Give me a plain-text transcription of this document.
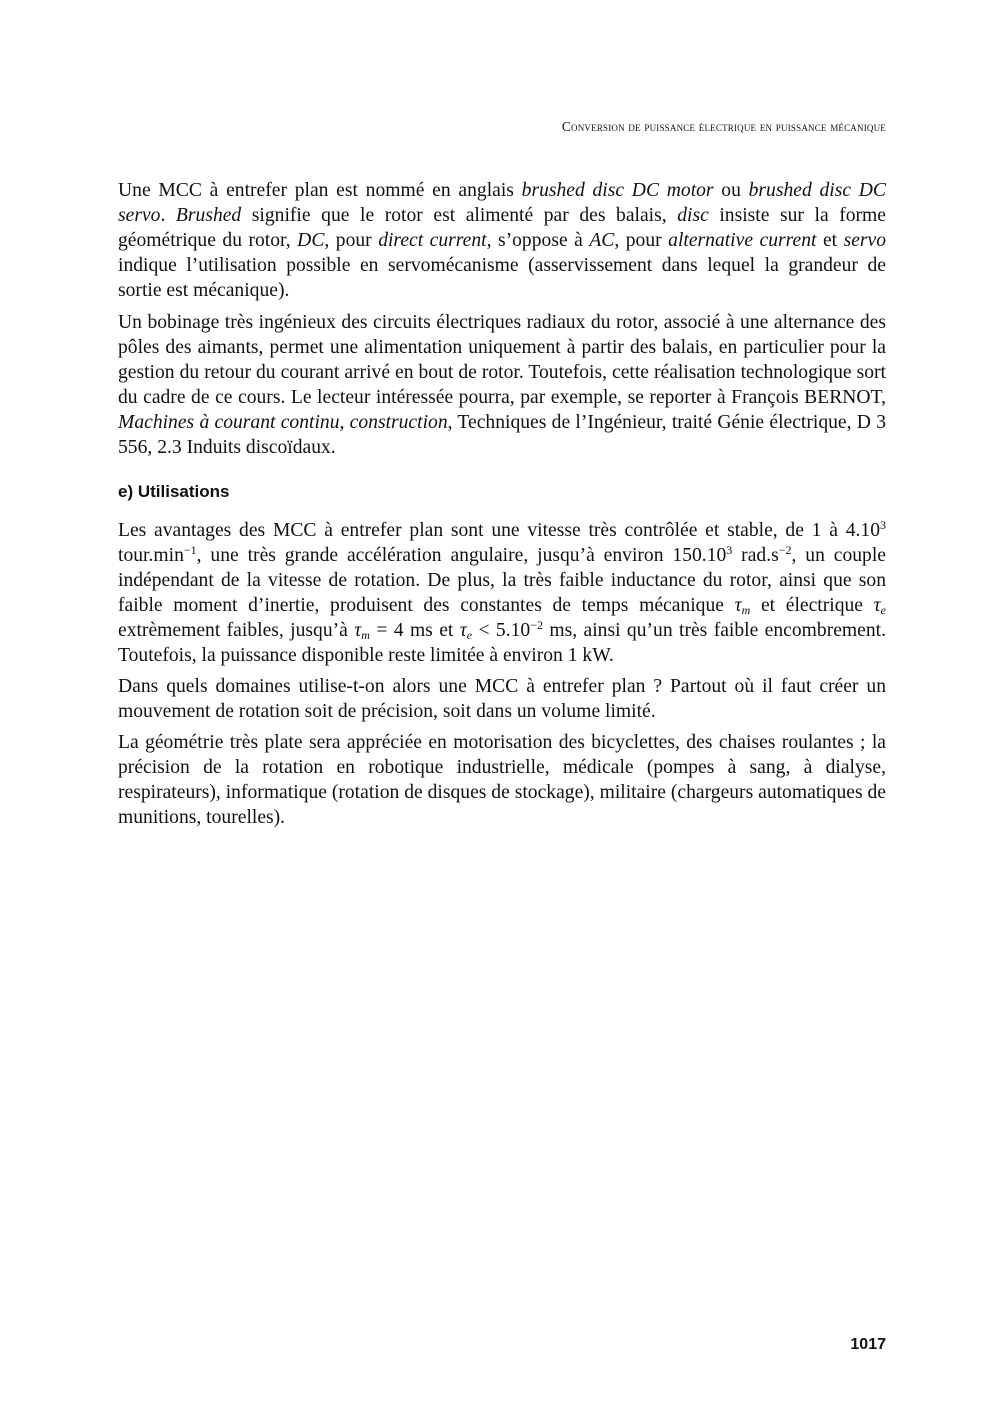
Conversion de puissance électrique en puissance mécanique

Une MCC à entrefer plan est nommé en anglais brushed disc DC motor ou brushed disc DC servo. Brushed signifie que le rotor est alimenté par des balais, disc insiste sur la forme géométrique du rotor, DC, pour direct current, s’oppose à AC, pour alternative current et servo indique l’utilisation possible en servomécanisme (asservissement dans lequel la grandeur de sortie est mécanique).

Un bobinage très ingénieux des circuits électriques radiaux du rotor, associé à une alternance des pôles des aimants, permet une alimentation uniquement à partir des balais, en particulier pour la gestion du retour du courant arrivé en bout de rotor. Toutefois, cette réalisation technologique sort du cadre de ce cours. Le lecteur intéressée pourra, par exemple, se reporter à François BERNOT, Machines à courant continu, construction, Techniques de l’Ingénieur, traité Génie électrique, D 3 556, 2.3 Induits discoïdaux.

e) Utilisations

Les avantages des MCC à entrefer plan sont une vitesse très contrôlée et stable, de 1 à 4.10$^3$ $tour.\min^{-1}$, une très grande accélération angulaire, jusqu’à environ 150.10$^3$ $rad.s^{-2}$, un couple indépendant de la vitesse de rotation. De plus, la très faible inductance du rotor, ainsi que son faible moment d’inertie, produisent des constantes de temps mécanique $\tau_m$ et électrique $\tau_e$ extrèmement faibles, jusqu’à $\tau_m = 4$ ms et $\tau_e < 5.10^{-2}$ ms, ainsi qu’un très faible encombrement. Toutefois, la puissance disponible reste limitée à environ 1 kW.

Dans quels domaines utilise-t-on alors une MCC à entrefer plan ? Partout où il faut créer un mouvement de rotation soit de précision, soit dans un volume limité.

La géométrie très plate sera appréciée en motorisation des bicyclettes, des chaises roulantes ; la précision de la rotation en robotique industrielle, médicale (pompes à sang, à dialyse, respirateurs), informatique (rotation de disques de stockage), militaire (chargeurs automatiques de munitions, tourelles).

1017
